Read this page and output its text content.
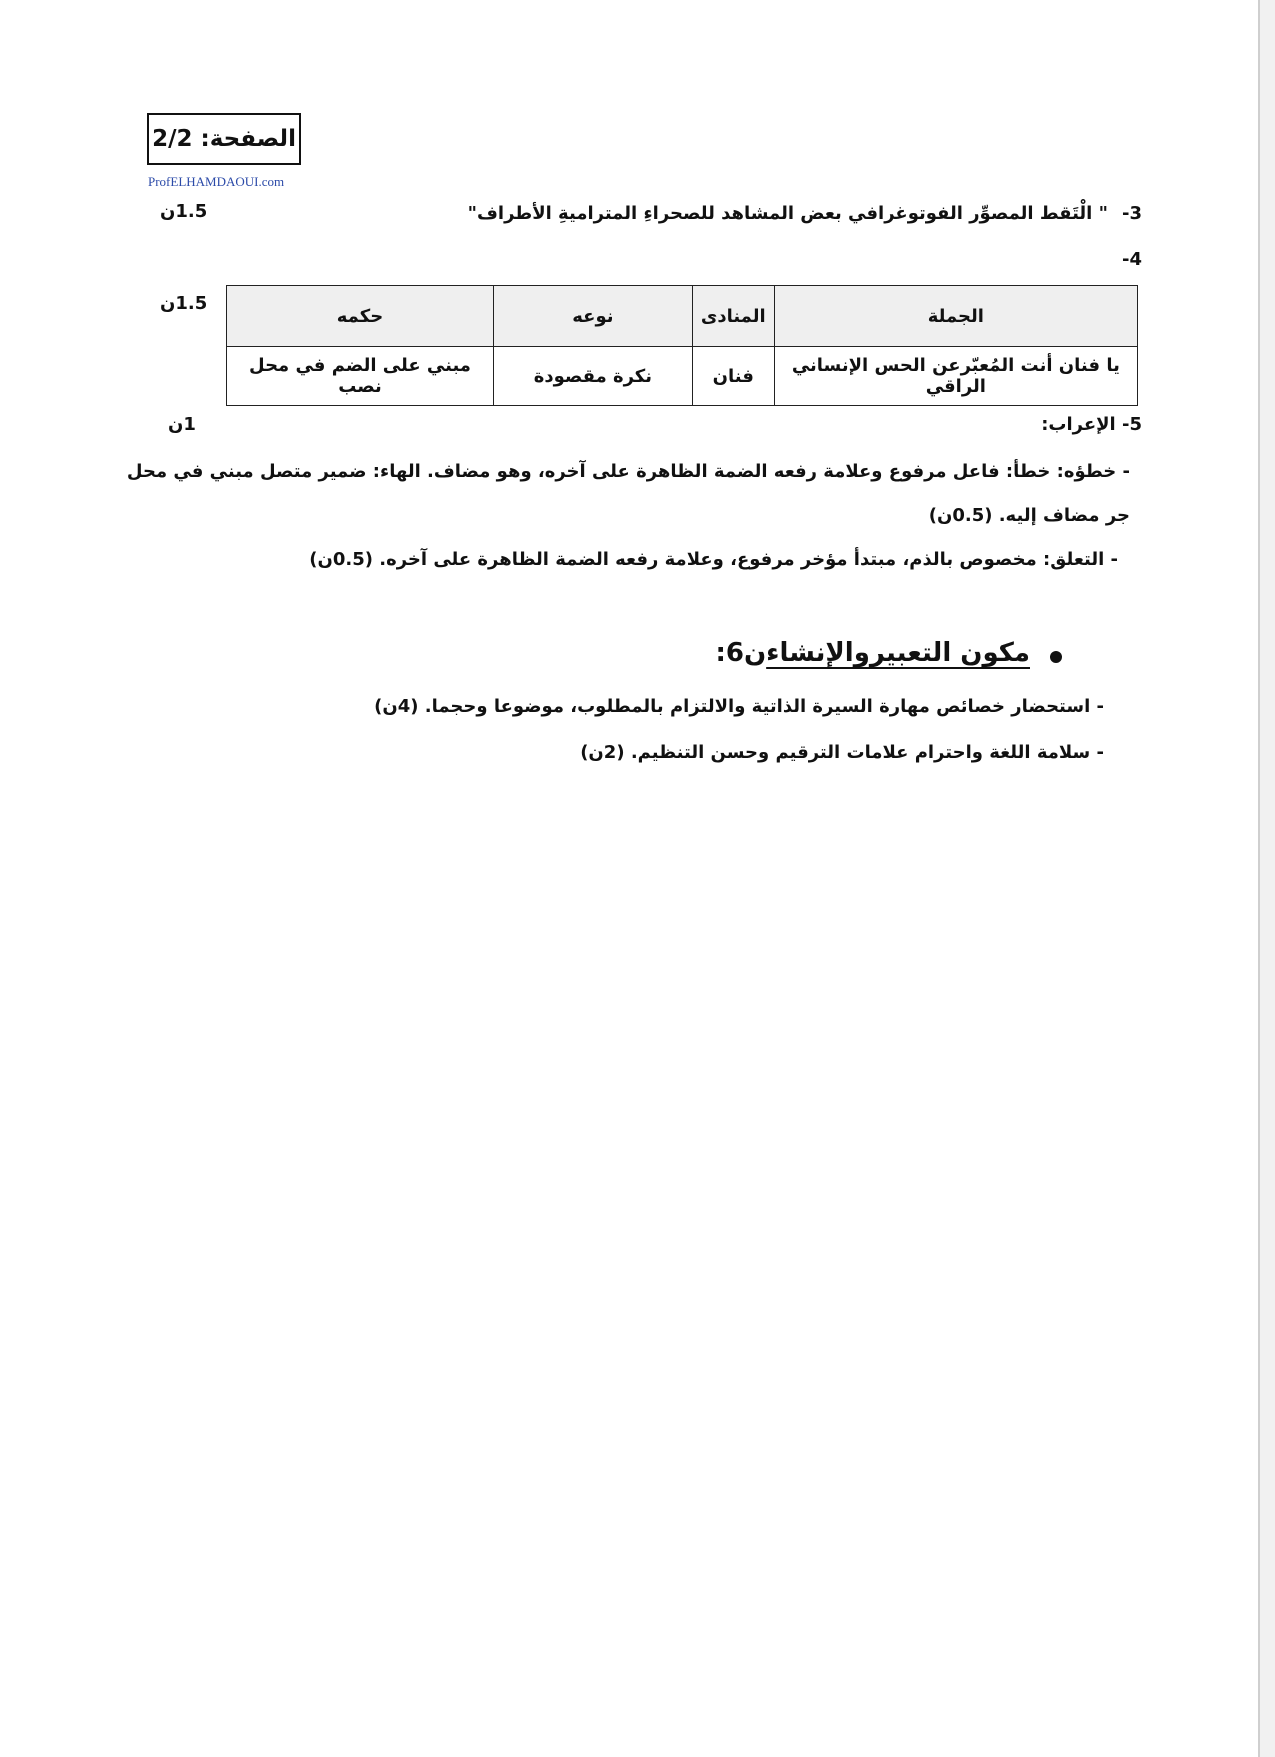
الصفحة: 2/2
ProfELHAMDAOUI.com
-3
" الْتَقط المصوِّر الفوتوغرافي بعض المشاهد للصحراءِ المتراميةِ الأطراف"
1.5ن
-4
1.5ن
الجملة	المنادى	نوعه	حكمه
يا فنان أنت المُعبّرعن الحس الإنساني الراقي	فنان	نكرة مقصودة	مبني على الضم في محل نصب
5- الإعراب:
1ن
- خطؤه: خطأ: فاعل مرفوع وعلامة رفعه الضمة الظاهرة على آخره، وهو مضاف. الهاء: ضمير متصل مبني في محل
جر مضاف إليه. (0.5ن)
- التعلق: مخصوص بالذم، مبتدأ مؤخر مرفوع، وعلامة رفعه الضمة الظاهرة على آخره. (0.5ن)
مكون التعبيروالإنشاء
:6ن
- استحضار خصائص مهارة السيرة الذاتية والالتزام بالمطلوب، موضوعا وحجما. (4ن)
- سلامة اللغة واحترام علامات الترقيم وحسن التنظيم. (2ن)
